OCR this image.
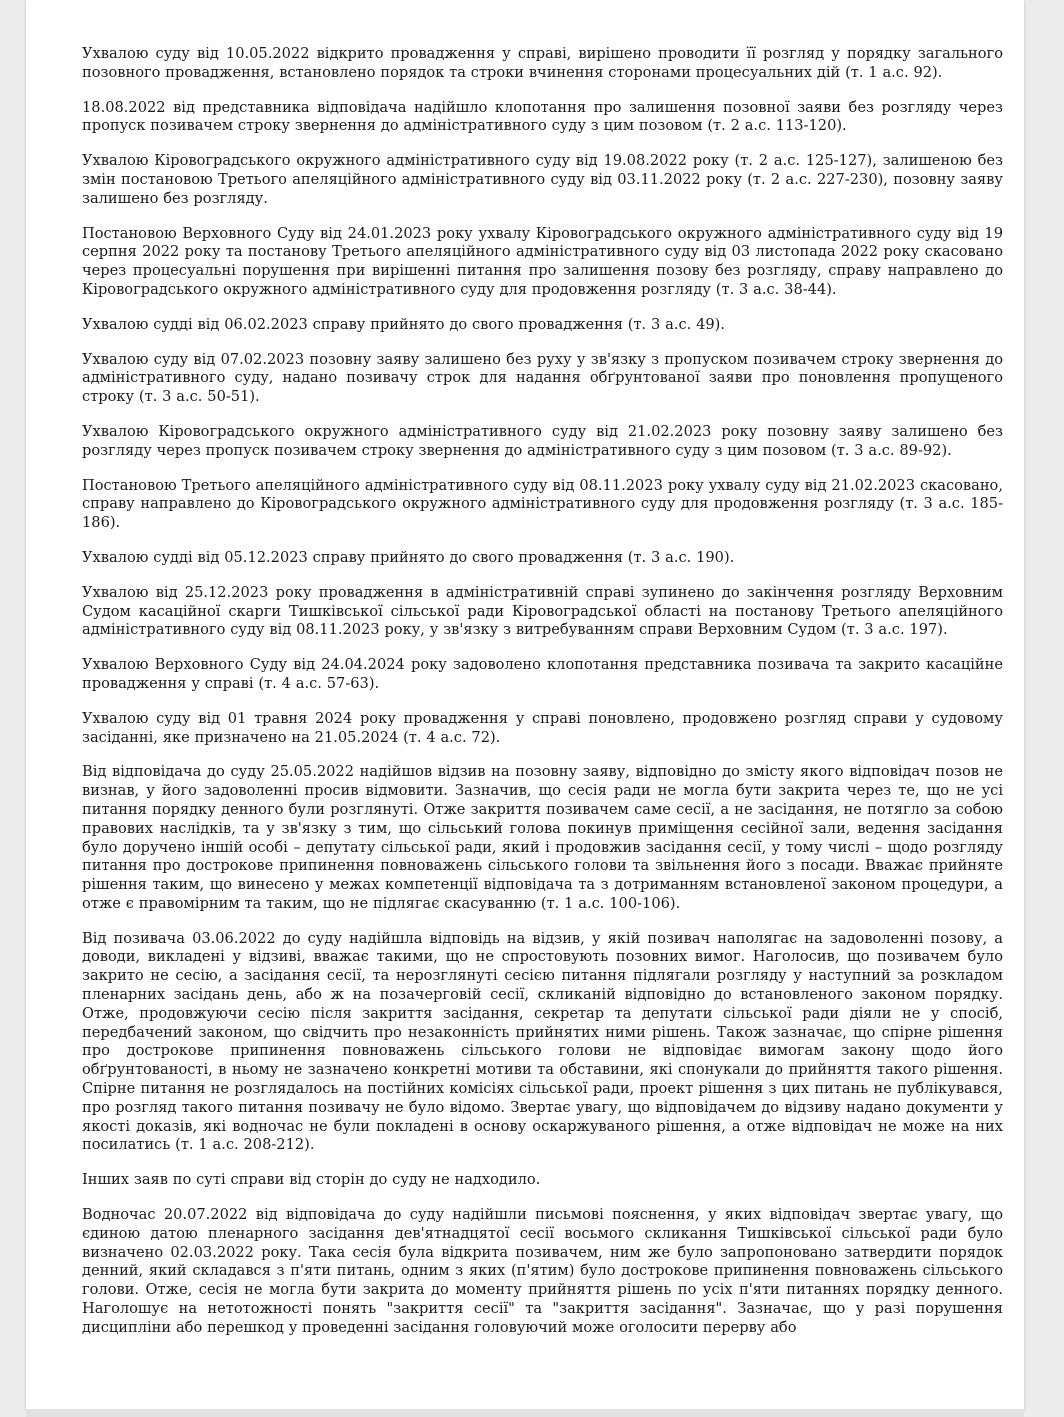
Ухвалою суду від 10.05.2022 відкрито провадження у справі, вирішено проводити її розгляд у порядку загального позовного провадження, встановлено порядок та строки вчинення сторонами процесуальних дій (т. 1 а.с. 92).

18.08.2022 від представника відповідача надійшло клопотання про залишення позовної заяви без розгляду через пропуск позивачем строку звернення до адміністративного суду з цим позовом (т. 2 а.с. 113-120).

Ухвалою Кіровоградського окружного адміністративного суду від 19.08.2022 року (т. 2 а.с. 125-127), залишеною без змін постановою Третього апеляційного адміністративного суду від 03.11.2022 року (т. 2 а.с. 227-230), позовну заяву залишено без розгляду.

Постановою Верховного Суду від 24.01.2023 року ухвалу Кіровоградського окружного адміністративного суду від 19 серпня 2022 року та постанову Третього апеляційного адміністративного суду від 03 листопада 2022 року скасовано через процесуальні порушення при вирішенні питання про залишення позову без розгляду, справу направлено до Кіровоградського окружного адміністративного суду для продовження розгляду (т. 3 а.с. 38-44).

Ухвалою судді від 06.02.2023 справу прийнято до свого провадження (т. 3 а.с. 49).

Ухвалою суду від 07.02.2023 позовну заяву залишено без руху у зв'язку з пропуском позивачем строку звернення до адміністративного суду, надано позивачу строк для надання обґрунтованої заяви про поновлення пропущеного строку (т. 3 а.с. 50-51).

Ухвалою Кіровоградського окружного адміністративного суду від 21.02.2023 року позовну заяву залишено без розгляду через пропуск позивачем строку звернення до адміністративного суду з цим позовом (т. 3 а.с. 89-92).

Постановою Третього апеляційного адміністративного суду від 08.11.2023 року ухвалу суду від 21.02.2023 скасовано, справу направлено до Кіровоградського окружного адміністративного суду для продовження розгляду (т. 3 а.с. 185-186).

Ухвалою судді від 05.12.2023 справу прийнято до свого провадження (т. 3 а.с. 190).

Ухвалою від 25.12.2023 року провадження в адміністративній справі зупинено до закінчення розгляду Верховним Судом касаційної скарги Тишківської сільської ради Кіровоградської області на постанову Третього апеляційного адміністративного суду від 08.11.2023 року, у зв'язку з витребуванням справи Верховним Судом (т. 3 а.с. 197).

Ухвалою Верховного Суду від 24.04.2024 року задоволено клопотання представника позивача та закрито касаційне провадження у справі (т. 4 а.с. 57-63).

Ухвалою суду від 01 травня 2024 року провадження у справі поновлено, продовжено розгляд справи у судовому засіданні, яке призначено на 21.05.2024 (т. 4 а.с. 72).

Від відповідача до суду 25.05.2022 надійшов відзив на позовну заяву, відповідно до змісту якого відповідач позов не визнав, у його задоволенні просив відмовити. Зазначив, що сесія ради не могла бути закрита через те, що не усі питання порядку денного були розглянуті. Отже закриття позивачем саме сесії, а не засідання, не потягло за собою правових наслідків, та у зв'язку з тим, що сільський голова покинув приміщення сесійної зали, ведення засідання було доручено іншій особі – депутату сільської ради, який і продовжив засідання сесії, у тому числі – щодо розгляду питання про дострокове припинення повноважень сільського голови та звільнення його з посади. Вважає прийняте рішення таким, що винесено у межах компетенції відповідача та з дотриманням встановленої законом процедури, а отже є правомірним та таким, що не підлягає скасуванню (т. 1 а.с. 100-106).

Від позивача 03.06.2022 до суду надійшла відповідь на відзив, у якій позивач наполягає на задоволенні позову, а доводи, викладені у відзиві, вважає такими, що не спростовують позовних вимог. Наголосив, що позивачем було закрито не сесію, а засідання сесії, та нерозглянуті сесією питання підлягали розгляду у наступний за розкладом пленарних засідань день, або ж на позачерговій сесії, скликаній відповідно до встановленого законом порядку. Отже, продовжуючи сесію після закриття засідання, секретар та депутати сільської ради діяли не у спосіб, передбачений законом, що свідчить про незаконність прийнятих ними рішень. Також зазначає, що спірне рішення про дострокове припинення повноважень сільського голови не відповідає вимогам закону щодо його обґрунтованості, в ньому не зазначено конкретні мотиви та обставини, які спонукали до прийняття такого рішення. Спірне питання не розглядалось на постійних комісіях сільської ради, проект рішення з цих питань не публікувався, про розгляд такого питання позивачу не було відомо. Звертає увагу, що відповідачем до відзиву надано документи у якості доказів, які водночас не були покладені в основу оскаржуваного рішення, а отже відповідач не може на них посилатись (т. 1 а.с. 208-212).

Інших заяв по суті справи від сторін до суду не надходило.

Водночас 20.07.2022 від відповідача до суду надійшли письмові пояснення, у яких відповідач звертає увагу, що єдиною датою пленарного засідання дев'ятнадцятої сесії восьмого скликання Тишківської сільської ради було визначено 02.03.2022 року. Така сесія була відкрита позивачем, ним же було запропоновано затвердити порядок денний, який складався з п'яти питань, одним з яких (п'ятим) було дострокове припинення повноважень сільського голови. Отже, сесія не могла бути закрита до моменту прийняття рішень по усіх п'яти питаннях порядку денного. Наголошує на нетотожності понять "закриття сесії" та "закриття засідання". Зазначає, що у разі порушення дисципліни або перешкод у проведенні засідання головуючий може оголосити перерву або
